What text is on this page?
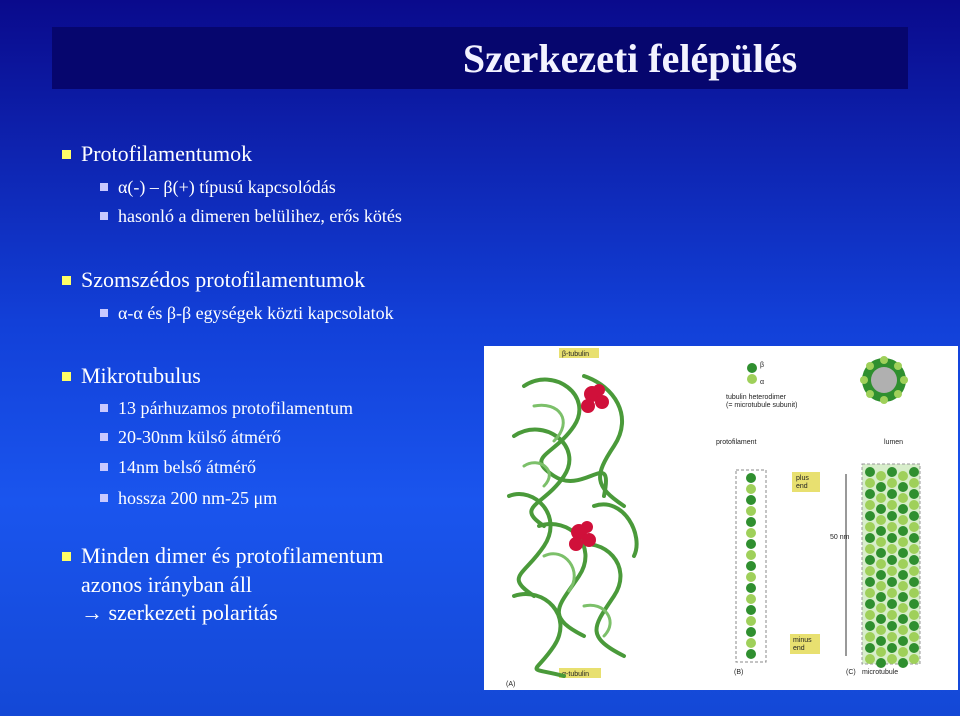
Szerkezeti felépülés
Protofilamentumok
α(-) – β(+) típusú kapcsolódás
hasonló a dimeren belülihez, erős kötés
Szomszédos protofilamentumok
α-α és β-β egységek közti kapcsolatok
Mikrotubulus
13 párhuzamos protofilamentum
20-30nm külső átmérő
14nm belső átmérő
hossza 200 nm-25 μm
Minden dimer és protofilamentum
azonos irányban áll
→ szerkezeti polaritás
β-tubulin
α-tubulin
β
α
tubulin heterodimer
(= microtubule subunit)
protofilament	lumen
plus
end
minus
end
50 nm
(B)
(A)
(C) microtubule
